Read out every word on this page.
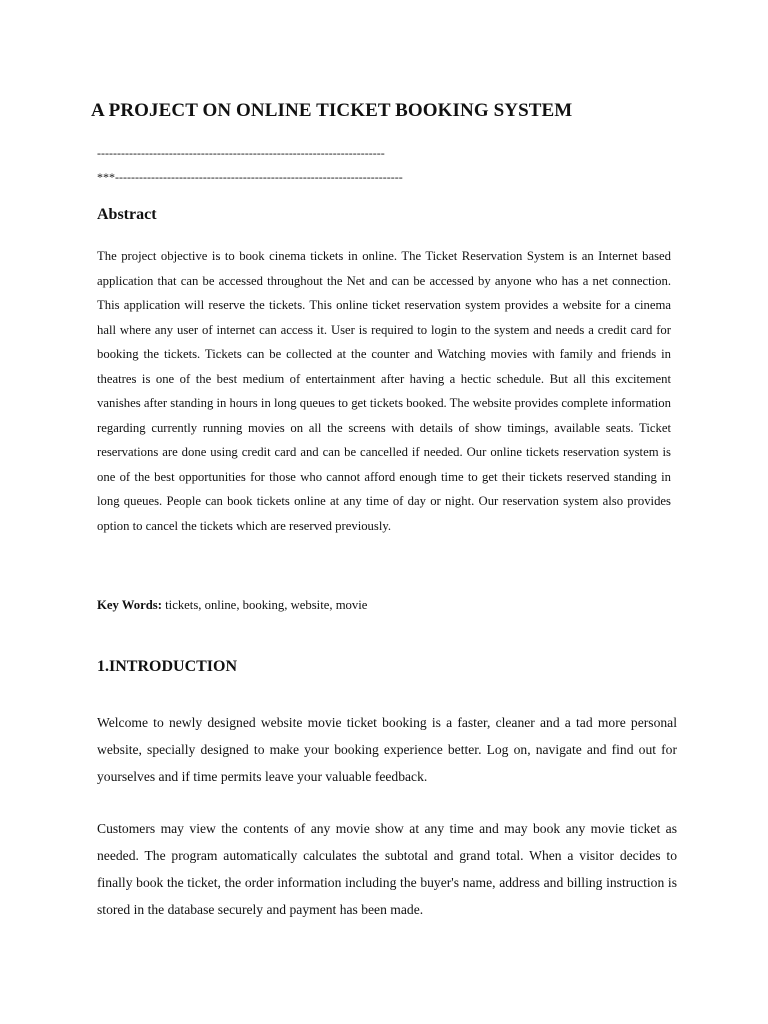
A PROJECT ON ONLINE TICKET BOOKING SYSTEM

------------------------------------------------------------------------

***------------------------------------------------------------------------

Abstract

The project objective is to book cinema tickets in online. The Ticket Reservation System is an Internet based application that can be accessed throughout the Net and can be accessed by anyone who has a net connection. This application will reserve the tickets. This online ticket reservation system provides a website for a cinema hall where any user of internet can access it. User is required to login to the system and needs a credit card for booking the tickets. Tickets can be collected at the counter and Watching movies with family and friends in theatres is one of the best medium of entertainment after having a hectic schedule. But all this excitement vanishes after standing in hours in long queues to get tickets booked. The website provides complete information regarding currently running movies on all the screens with details of show timings, available seats. Ticket reservations are done using credit card and can be cancelled if needed. Our online tickets reservation system is one of the best opportunities for those who cannot afford enough time to get their tickets reserved standing in long queues. People can book tickets online at any time of day or night. Our reservation system also provides option to cancel the tickets which are reserved previously.

Key Words: tickets, online, booking, website, movie

1.INTRODUCTION

Welcome to newly designed website movie ticket booking is a faster, cleaner and a tad more personal website, specially designed to make your booking experience better. Log on, navigate and find out for yourselves and if time permits leave your valuable feedback.

Customers may view the contents of any movie show at any time and may book any movie ticket as needed. The program automatically calculates the subtotal and grand total. When a visitor decides to finally book the ticket, the order information including the buyer's name, address and billing instruction is stored in the database securely and payment has been made.
